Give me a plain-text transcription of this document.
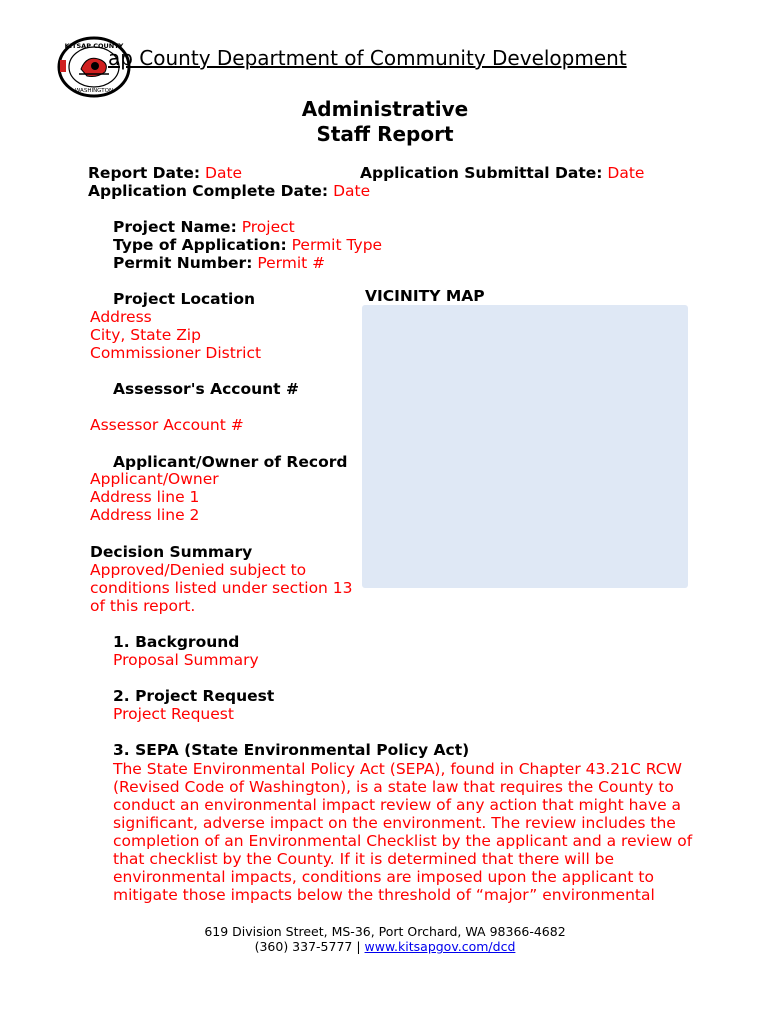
KITSAP COUNTY
WASHINGTON
ap County Department of Community Development
Administrative
Staff Report
Report Date: Date	Application Submittal Date: Date
Application Complete Date: Date
Project Name: Project
Type of Application: Permit Type
Permit Number: Permit #
Project Location
Address
City, State Zip
Commissioner District
VICINITY MAP
Assessor's Account #
Assessor Account #
Applicant/Owner of Record
Applicant/Owner
Address line 1
Address line 2
Decision Summary
Approved/Denied subject to
conditions listed under section 13
of this report.
1. Background
Proposal Summary
2. Project Request
Project Request
3. SEPA (State Environmental Policy Act)
The State Environmental Policy Act (SEPA), found in Chapter 43.21C RCW (Revised Code of Washington), is a state law that requires the County to conduct an environmental impact review of any action that might have a significant, adverse impact on the environment. The review includes the completion of an Environmental Checklist by the applicant and a review of that checklist by the County. If it is determined that there will be environmental impacts, conditions are imposed upon the applicant to mitigate those impacts below the threshold of “major” environmental
619 Division Street, MS-36, Port Orchard, WA 98366-4682
(360) 337-5777 | www.kitsapgov.com/dcd
